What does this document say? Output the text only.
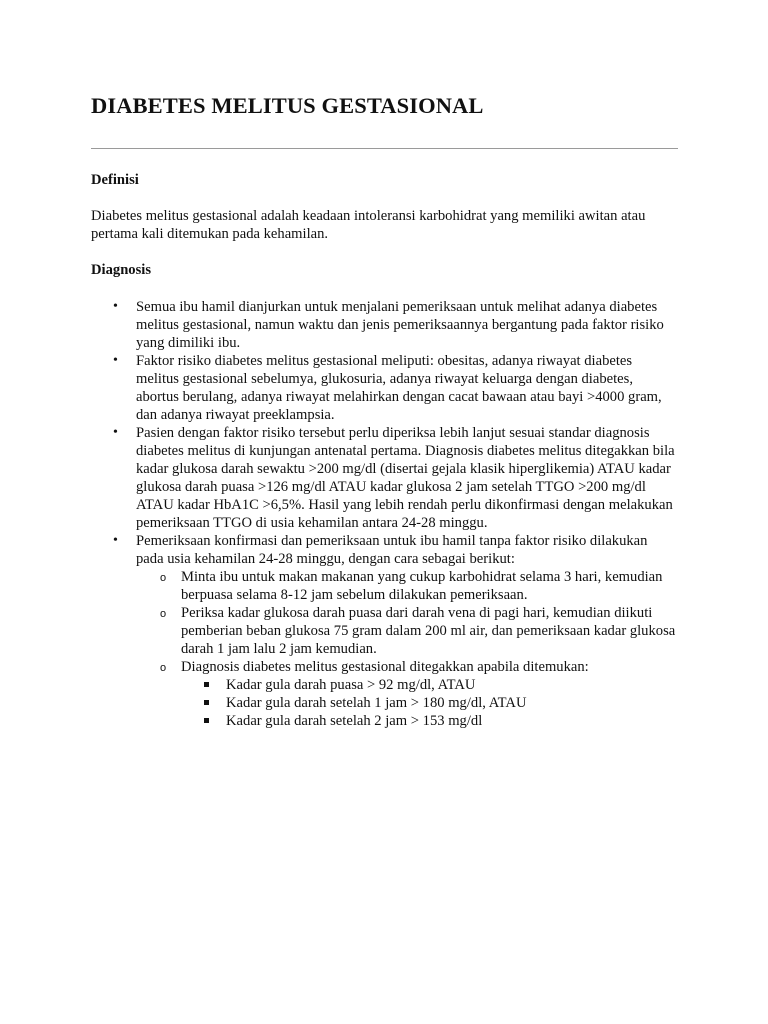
DIABETES MELITUS GESTASIONAL
Definisi

Diabetes melitus gestasional adalah keadaan intoleransi karbohidrat yang memiliki awitan atau pertama kali ditemukan pada kehamilan.

Diagnosis
• Semua ibu hamil dianjurkan untuk menjalani pemeriksaan untuk melihat adanya diabetes melitus gestasional, namun waktu dan jenis pemeriksaannya bergantung pada faktor risiko yang dimiliki ibu.
• Faktor risiko diabetes melitus gestasional meliputi: obesitas, adanya riwayat diabetes melitus gestasional sebelumya, glukosuria, adanya riwayat keluarga dengan diabetes, abortus berulang, adanya riwayat melahirkan dengan cacat bawaan atau bayi >4000 gram, dan adanya riwayat preeklampsia.
• Pasien dengan faktor risiko tersebut perlu diperiksa lebih lanjut sesuai standar diagnosis diabetes melitus di kunjungan antenatal pertama. Diagnosis diabetes melitus ditegakkan bila kadar glukosa darah sewaktu >200 mg/dl (disertai gejala klasik hiperglikemia) ATAU kadar glukosa darah puasa >126 mg/dl ATAU kadar glukosa 2 jam setelah TTGO >200 mg/dl ATAU kadar HbA1C >6,5%. Hasil yang lebih rendah perlu dikonfirmasi dengan melakukan pemeriksaan TTGO di usia kehamilan antara 24-28 minggu.
• Pemeriksaan konfirmasi dan pemeriksaan untuk ibu hamil tanpa faktor risiko dilakukan pada usia kehamilan 24-28 minggu, dengan cara sebagai berikut:
o Minta ibu untuk makan makanan yang cukup karbohidrat selama 3 hari, kemudian berpuasa selama 8-12 jam sebelum dilakukan pemeriksaan.
o Periksa kadar glukosa darah puasa dari darah vena di pagi hari, kemudian diikuti pemberian beban glukosa 75 gram dalam 200 ml air, dan pemeriksaan kadar glukosa darah 1 jam lalu 2 jam kemudian.
o Diagnosis diabetes melitus gestasional ditegakkan apabila ditemukan:
Kadar gula darah puasa > 92 mg/dl, ATAU
Kadar gula darah setelah 1 jam > 180 mg/dl, ATAU
Kadar gula darah setelah 2 jam > 153 mg/dl
